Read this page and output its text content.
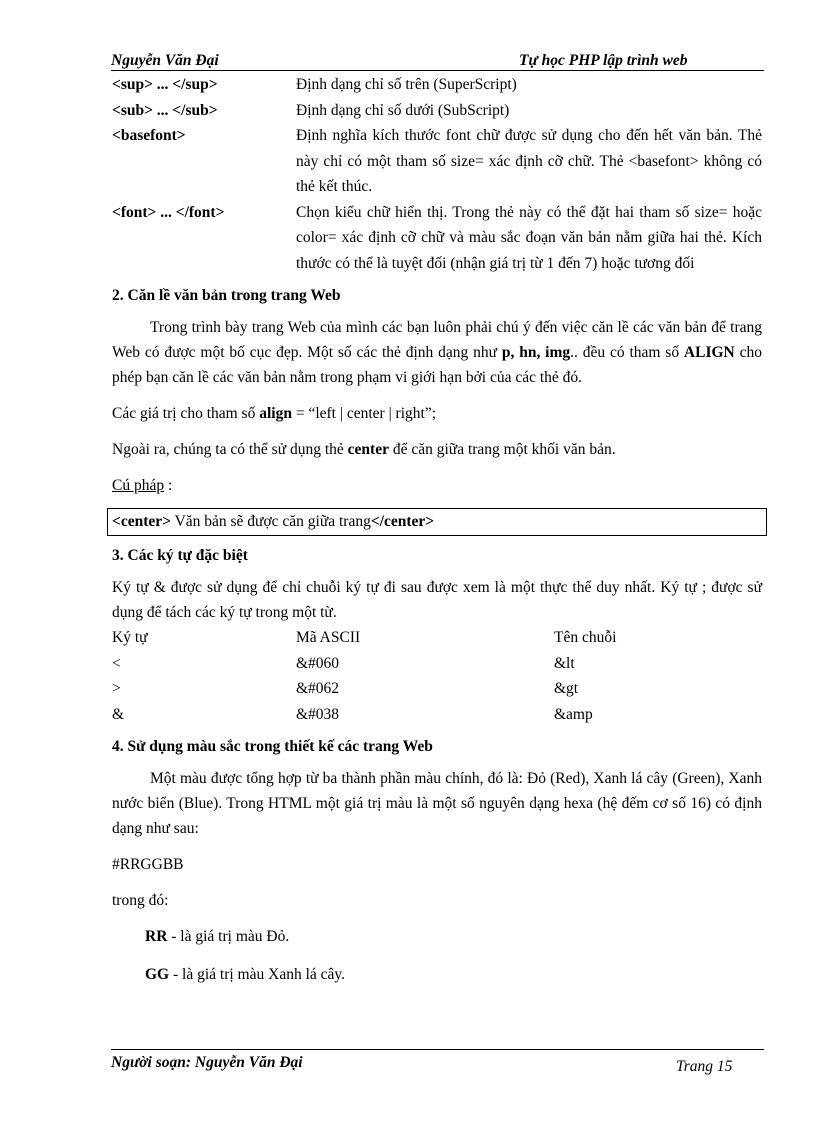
Nguyễn Văn Đại	Tự học PHP lập trình web
<sup> ... </sup>	Định dạng chỉ số trên (SuperScript)
<sub> ... </sub>	Định dạng chỉ số dưới (SubScript)
<basefont>	Định nghĩa kích thước font chữ được sử dụng cho đến hết văn bản. Thẻ này chỉ có một tham số size= xác định cỡ chữ. Thẻ <basefont> không có thẻ kết thúc.
<font> ... </font>	Chọn kiểu chữ hiển thị. Trong thẻ này có thể đặt hai tham số size= hoặc color= xác định cỡ chữ và màu sắc đoạn văn bản nằm giữa hai thẻ. Kích thước có thể là tuyệt đối (nhận giá trị từ 1 đến 7) hoặc tương đối
2. Căn lề văn bản trong trang Web

Trong trình bày trang Web của mình các bạn luôn phải chú ý đến việc căn lề các văn bản để trang Web có được một bố cục đẹp. Một số các thẻ định dạng như p, hn, img.. đều có tham số ALIGN cho phép bạn căn lề các văn bản nằm trong phạm vi giới hạn bởi của các thẻ đó.

Các giá trị cho tham số align = “left | center | right”;

Ngoài ra, chúng ta có thể sử dụng thẻ center để căn giữa trang một khối văn bản.

Cú pháp :

<center> Văn bản sẽ được căn giữa trang</center>
3. Các ký tự đặc biệt

Ký tự & được sử dụng để chỉ chuỗi ký tự đi sau được xem là một thực thể duy nhất. Ký tự ; được sử dụng để tách các ký tự trong một từ.

Ký tự	Mã ASCII	Tên chuỗi
<	&#060	&lt
>	&#062	&gt
&	&#038	&amp
4. Sử dụng màu sắc trong thiết kế các trang Web

Một màu được tổng hợp từ ba thành phần màu chính, đó là: Đỏ (Red), Xanh lá cây (Green), Xanh nước biển (Blue). Trong HTML một giá trị màu là một số nguyên dạng hexa (hệ đếm cơ số 16) có định dạng như sau:

#RRGGBB

trong đó:

RR - là giá trị màu Đỏ.
GG - là giá trị màu Xanh lá cây.
Người soạn: Nguyễn Văn Đại	Trang 15
